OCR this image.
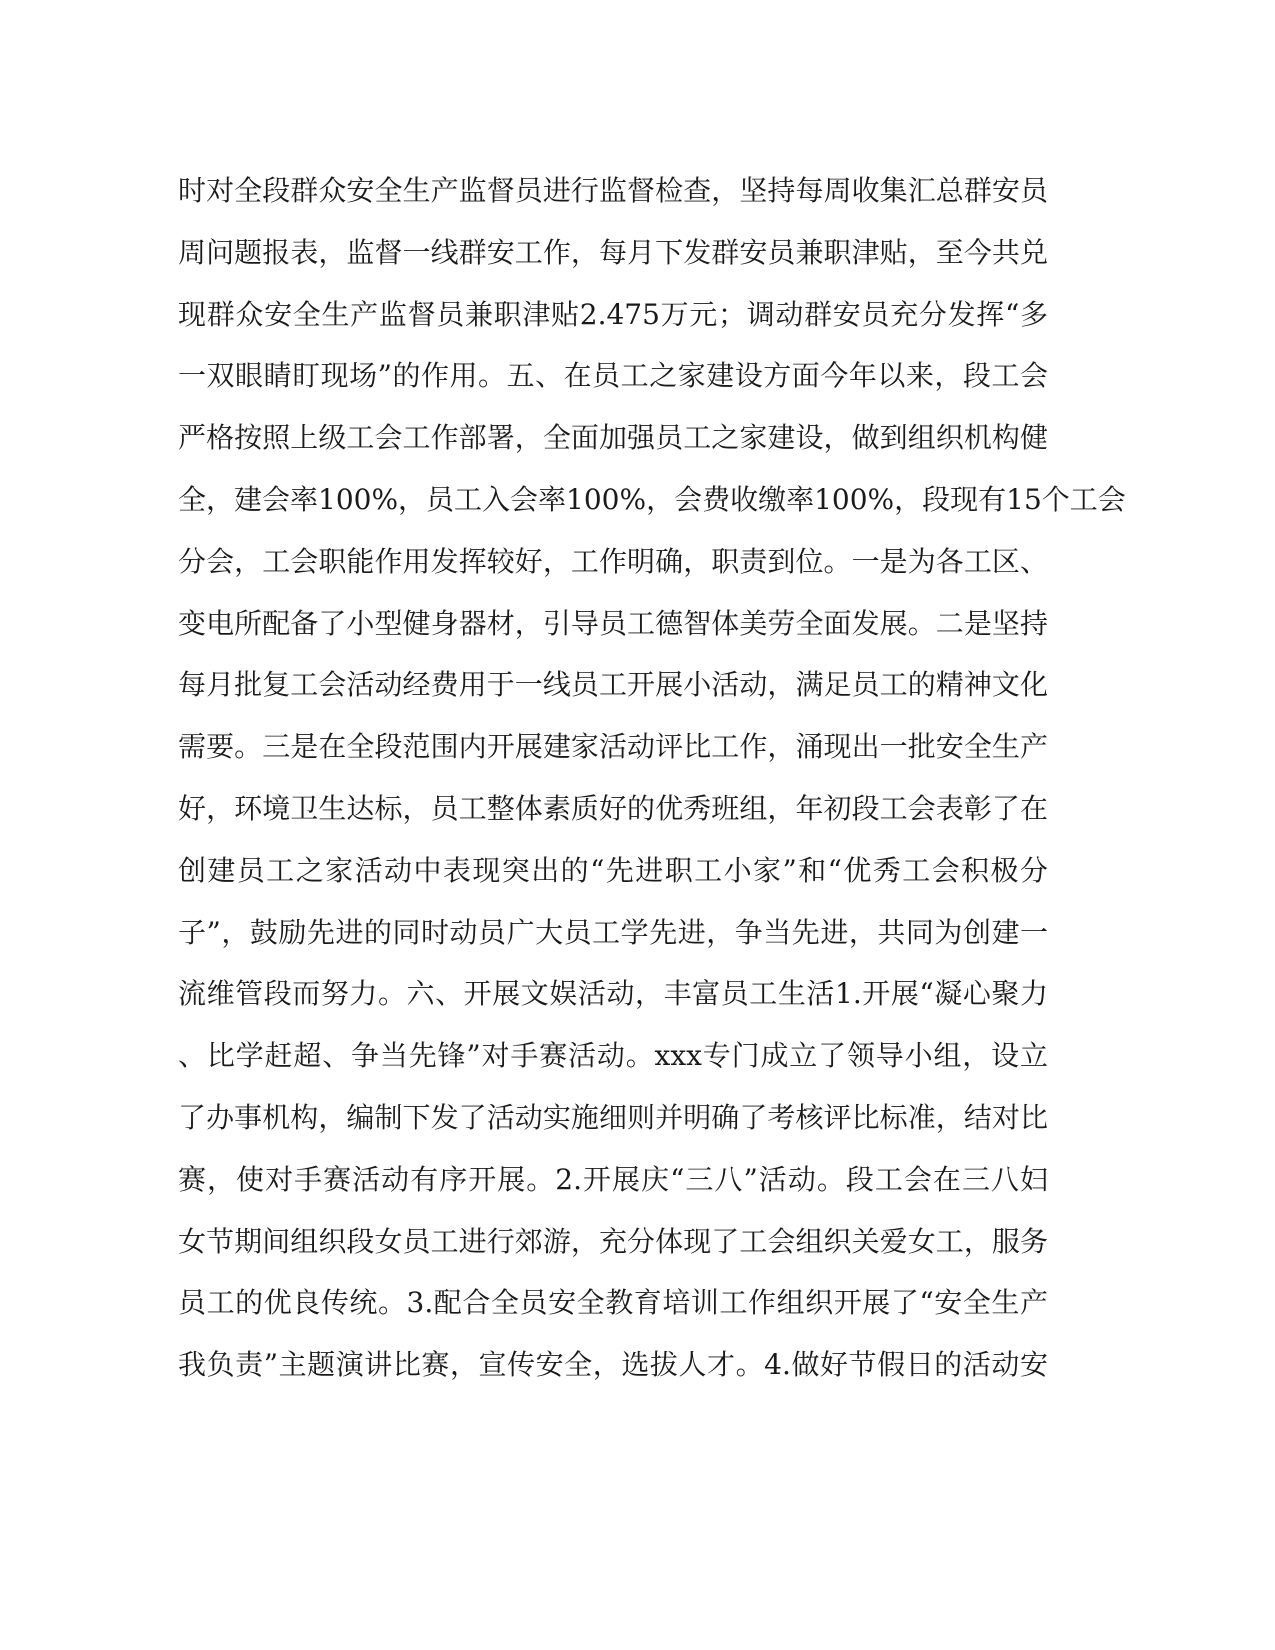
时对全段群众安全生产监督员进行监督检查，坚持每周收集汇总群安员
周问题报表，监督一线群安工作，每月下发群安员兼职津贴，至今共兑
现群众安全生产监督员兼职津贴2.475万元；调动群安员充分发挥“多
一双眼睛盯现场”的作用。五、在员工之家建设方面今年以来，段工会
严格按照上级工会工作部署，全面加强员工之家建设，做到组织机构健
全，建会率100%，员工入会率100%，会费收缴率100%，段现有15个工会
分会，工会职能作用发挥较好，工作明确，职责到位。一是为各工区、
变电所配备了小型健身器材，引导员工德智体美劳全面发展。二是坚持
每月批复工会活动经费用于一线员工开展小活动，满足员工的精神文化
需要。三是在全段范围内开展建家活动评比工作，涌现出一批安全生产
好，环境卫生达标，员工整体素质好的优秀班组，年初段工会表彰了在
创建员工之家活动中表现突出的“先进职工小家”和“优秀工会积极分
子”，鼓励先进的同时动员广大员工学先进，争当先进，共同为创建一
流维管段而努力。六、开展文娱活动，丰富员工生活1.开展“凝心聚力
、比学赶超、争当先锋”对手赛活动。xxx专门成立了领导小组，设立
了办事机构，编制下发了活动实施细则并明确了考核评比标准，结对比
赛，使对手赛活动有序开展。2.开展庆“三八”活动。段工会在三八妇
女节期间组织段女员工进行郊游，充分体现了工会组织关爱女工，服务
员工的优良传统。3.配合全员安全教育培训工作组织开展了“安全生产
我负责”主题演讲比赛，宣传安全，选拔人才。4.做好节假日的活动安
